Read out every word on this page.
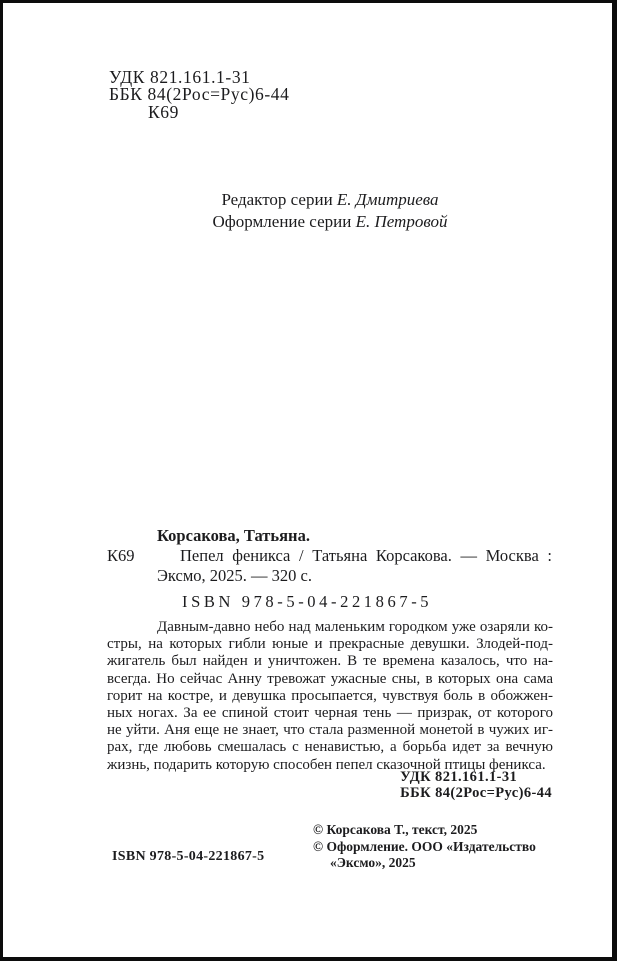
УДК 821.161.1-31
ББК 84(2Рос=Рус)6-44
К69
Редактор серии Е. Дмитриева
Оформление серии Е. Петровой
Корсакова, Татьяна.
К69	Пепел феникса / Татьяна Корсакова. — Москва :
Эксмо, 2025. — 320 с.
ISBN 978-5-04-221867-5
Давным-давно небо над маленьким городком уже озаряли ко-
стры, на которых гибли юные и прекрасные девушки. Злодей-под-
жигатель был найден и уничтожен. В те времена казалось, что на-
всегда. Но сейчас Анну тревожат ужасные сны, в которых она сама
горит на костре, и девушка просыпается, чувствуя боль в обожжен-
ных ногах. За ее спиной стоит черная тень — призрак, от которого
не уйти. Аня еще не знает, что стала разменной монетой в чужих иг-
рах, где любовь смешалась с ненавистью, а борьба идет за вечную
жизнь, подарить которую способен пепел сказочной птицы феникса.
УДК 821.161.1-31
ББК 84(2Рос=Рус)6-44
© Корсакова Т., текст, 2025
© Оформление. ООО «Издательство
«Эксмо», 2025
ISBN 978-5-04-221867-5
